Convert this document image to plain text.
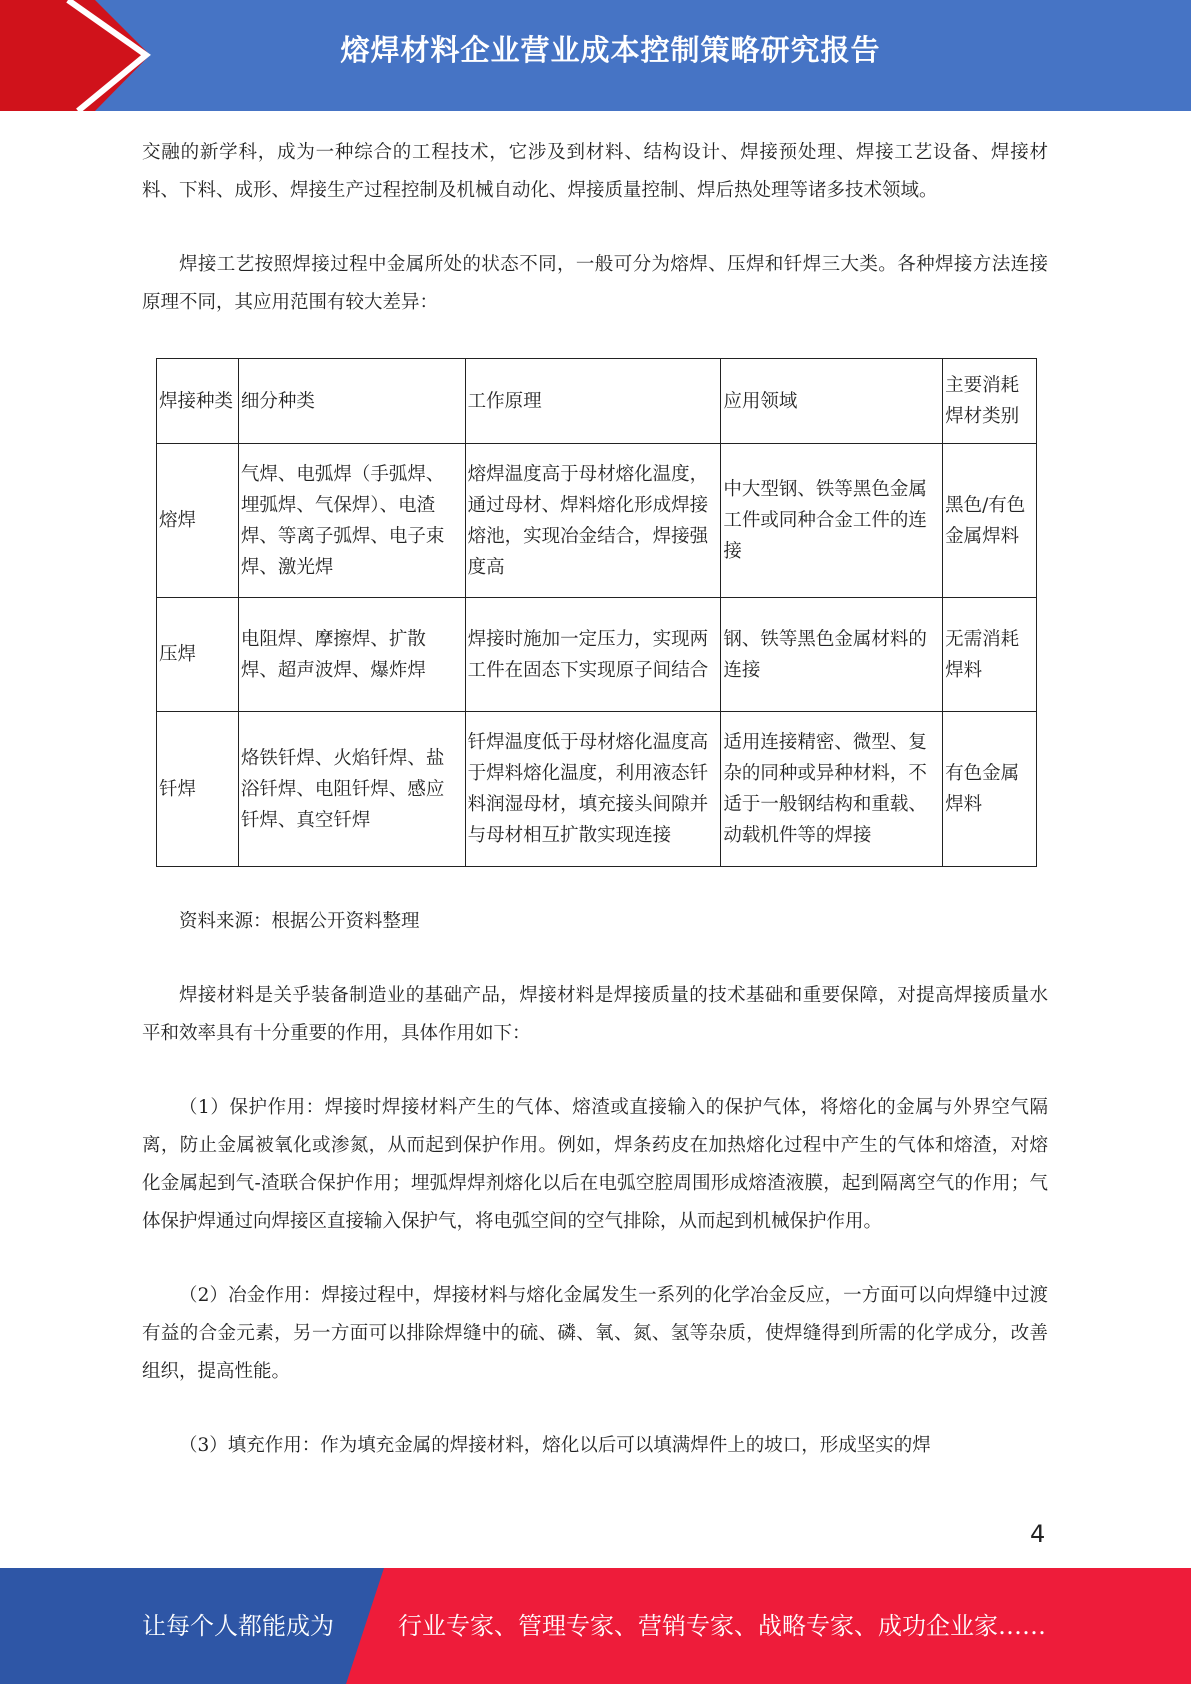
熔焊材料企业营业成本控制策略研究报告

交融的新学科，成为一种综合的工程技术，它涉及到材料、结构设计、焊接预处理、焊接工艺设备、焊接材料、下料、成形、焊接生产过程控制及机械自动化、焊接质量控制、焊后热处理等诸多技术领域。

焊接工艺按照焊接过程中金属所处的状态不同，一般可分为熔焊、压焊和钎焊三大类。各种焊接方法连接原理不同，其应用范围有较大差异：

焊接种类	细分种类	工作原理	应用领域	主要消耗焊材类别
熔焊	气焊、电弧焊（手弧焊、埋弧焊、气保焊）、电渣焊、等离子弧焊、电子束焊、激光焊	熔焊温度高于母材熔化温度，通过母材、焊料熔化形成焊接熔池，实现冶金结合，焊接强度高	中大型钢、铁等黑色金属工件或同种合金工件的连接	黑色/有色金属焊料
压焊	电阻焊、摩擦焊、扩散焊、超声波焊、爆炸焊	焊接时施加一定压力，实现两工件在固态下实现原子间结合	钢、铁等黑色金属材料的连接	无需消耗焊料
钎焊	烙铁钎焊、火焰钎焊、盐浴钎焊、电阻钎焊、感应钎焊、真空钎焊	钎焊温度低于母材熔化温度高于焊料熔化温度，利用液态钎料润湿母材，填充接头间隙并与母材相互扩散实现连接	适用连接精密、微型、复杂的同种或异种材料，不适于一般钢结构和重载、动载机件等的焊接	有色金属焊料

资料来源：根据公开资料整理

焊接材料是关乎装备制造业的基础产品，焊接材料是焊接质量的技术基础和重要保障，对提高焊接质量水平和效率具有十分重要的作用，具体作用如下：

（1）保护作用：焊接时焊接材料产生的气体、熔渣或直接输入的保护气体，将熔化的金属与外界空气隔离，防止金属被氧化或渗氮，从而起到保护作用。例如，焊条药皮在加热熔化过程中产生的气体和熔渣，对熔化金属起到气-渣联合保护作用；埋弧焊焊剂熔化以后在电弧空腔周围形成熔渣液膜，起到隔离空气的作用；气体保护焊通过向焊接区直接输入保护气，将电弧空间的空气排除，从而起到机械保护作用。

（2）冶金作用：焊接过程中，焊接材料与熔化金属发生一系列的化学冶金反应，一方面可以向焊缝中过渡有益的合金元素，另一方面可以排除焊缝中的硫、磷、氧、氮、氢等杂质，使焊缝得到所需的化学成分，改善组织，提高性能。

（3）填充作用：作为填充金属的焊接材料，熔化以后可以填满焊件上的坡口，形成坚实的焊

4
让每个人都能成为	行业专家、管理专家、营销专家、战略专家、成功企业家……
